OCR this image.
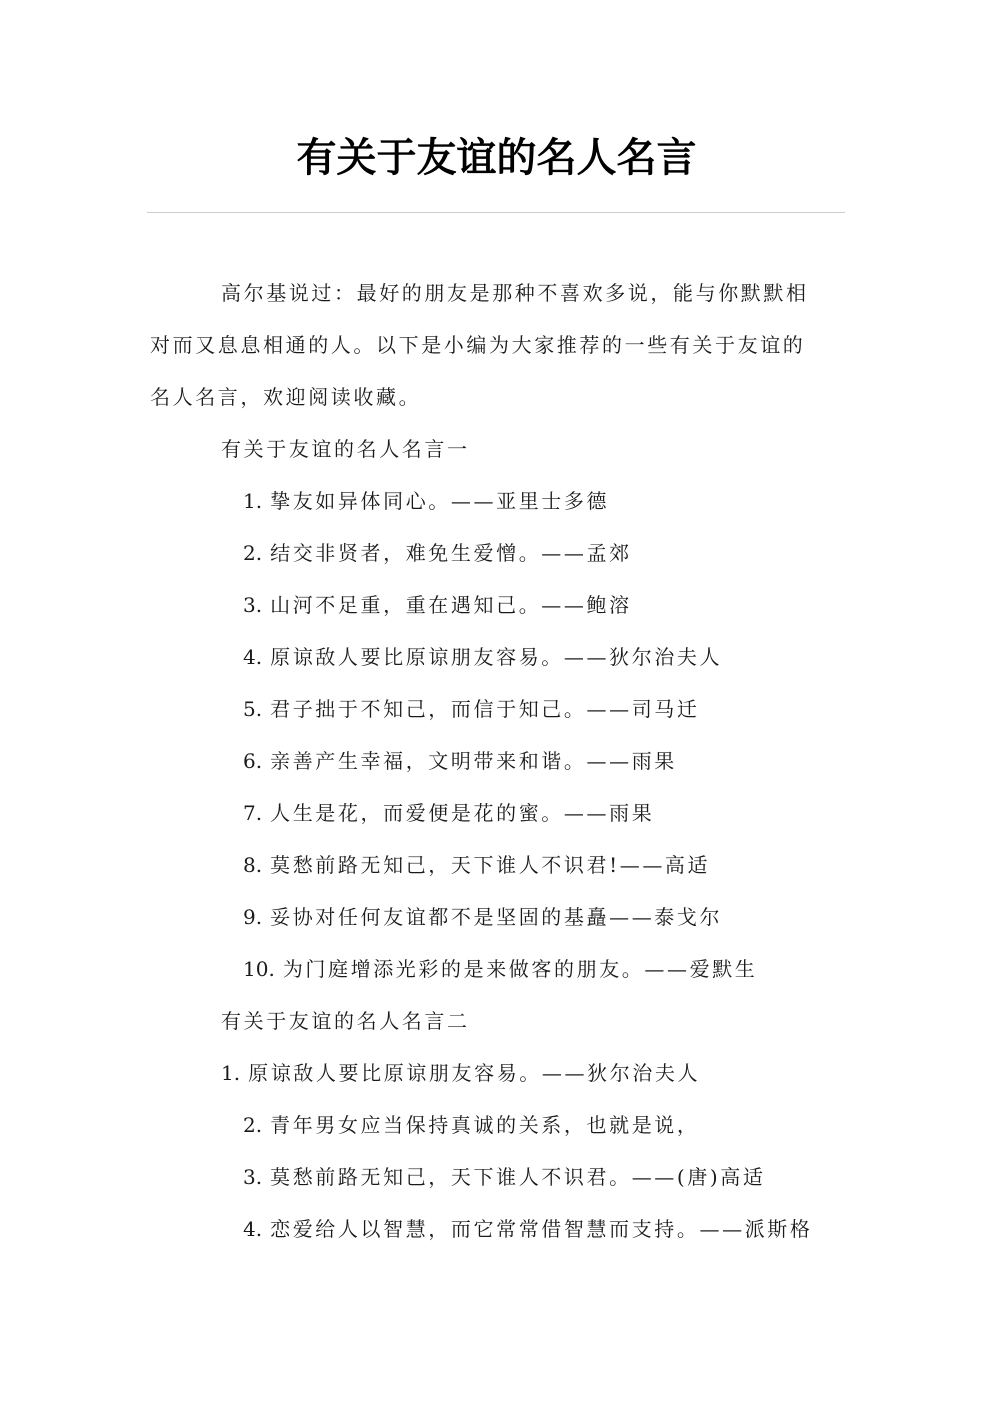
有关于友谊的名人名言
高尔基说过：最好的朋友是那种不喜欢多说，能与你默默相
对而又息息相通的人。以下是小编为大家推荐的一些有关于友谊的
名人名言，欢迎阅读收藏。
有关于友谊的名人名言一
1. 挚友如异体同心。——亚里士多德
2. 结交非贤者，难免生爱憎。——孟郊
3. 山河不足重，重在遇知己。——鲍溶
4. 原谅敌人要比原谅朋友容易。——狄尔治夫人
5. 君子拙于不知己，而信于知己。——司马迁
6. 亲善产生幸福，文明带来和谐。——雨果
7. 人生是花，而爱便是花的蜜。——雨果
8. 莫愁前路无知己，天下谁人不识君!——高适
9. 妥协对任何友谊都不是坚固的基矗——泰戈尔
10. 为门庭增添光彩的是来做客的朋友。——爱默生
有关于友谊的名人名言二
1. 原谅敌人要比原谅朋友容易。——狄尔治夫人
2. 青年男女应当保持真诚的关系，也就是说，
3. 莫愁前路无知己，天下谁人不识君。——(唐)高适
4. 恋爱给人以智慧，而它常常借智慧而支持。——派斯格
